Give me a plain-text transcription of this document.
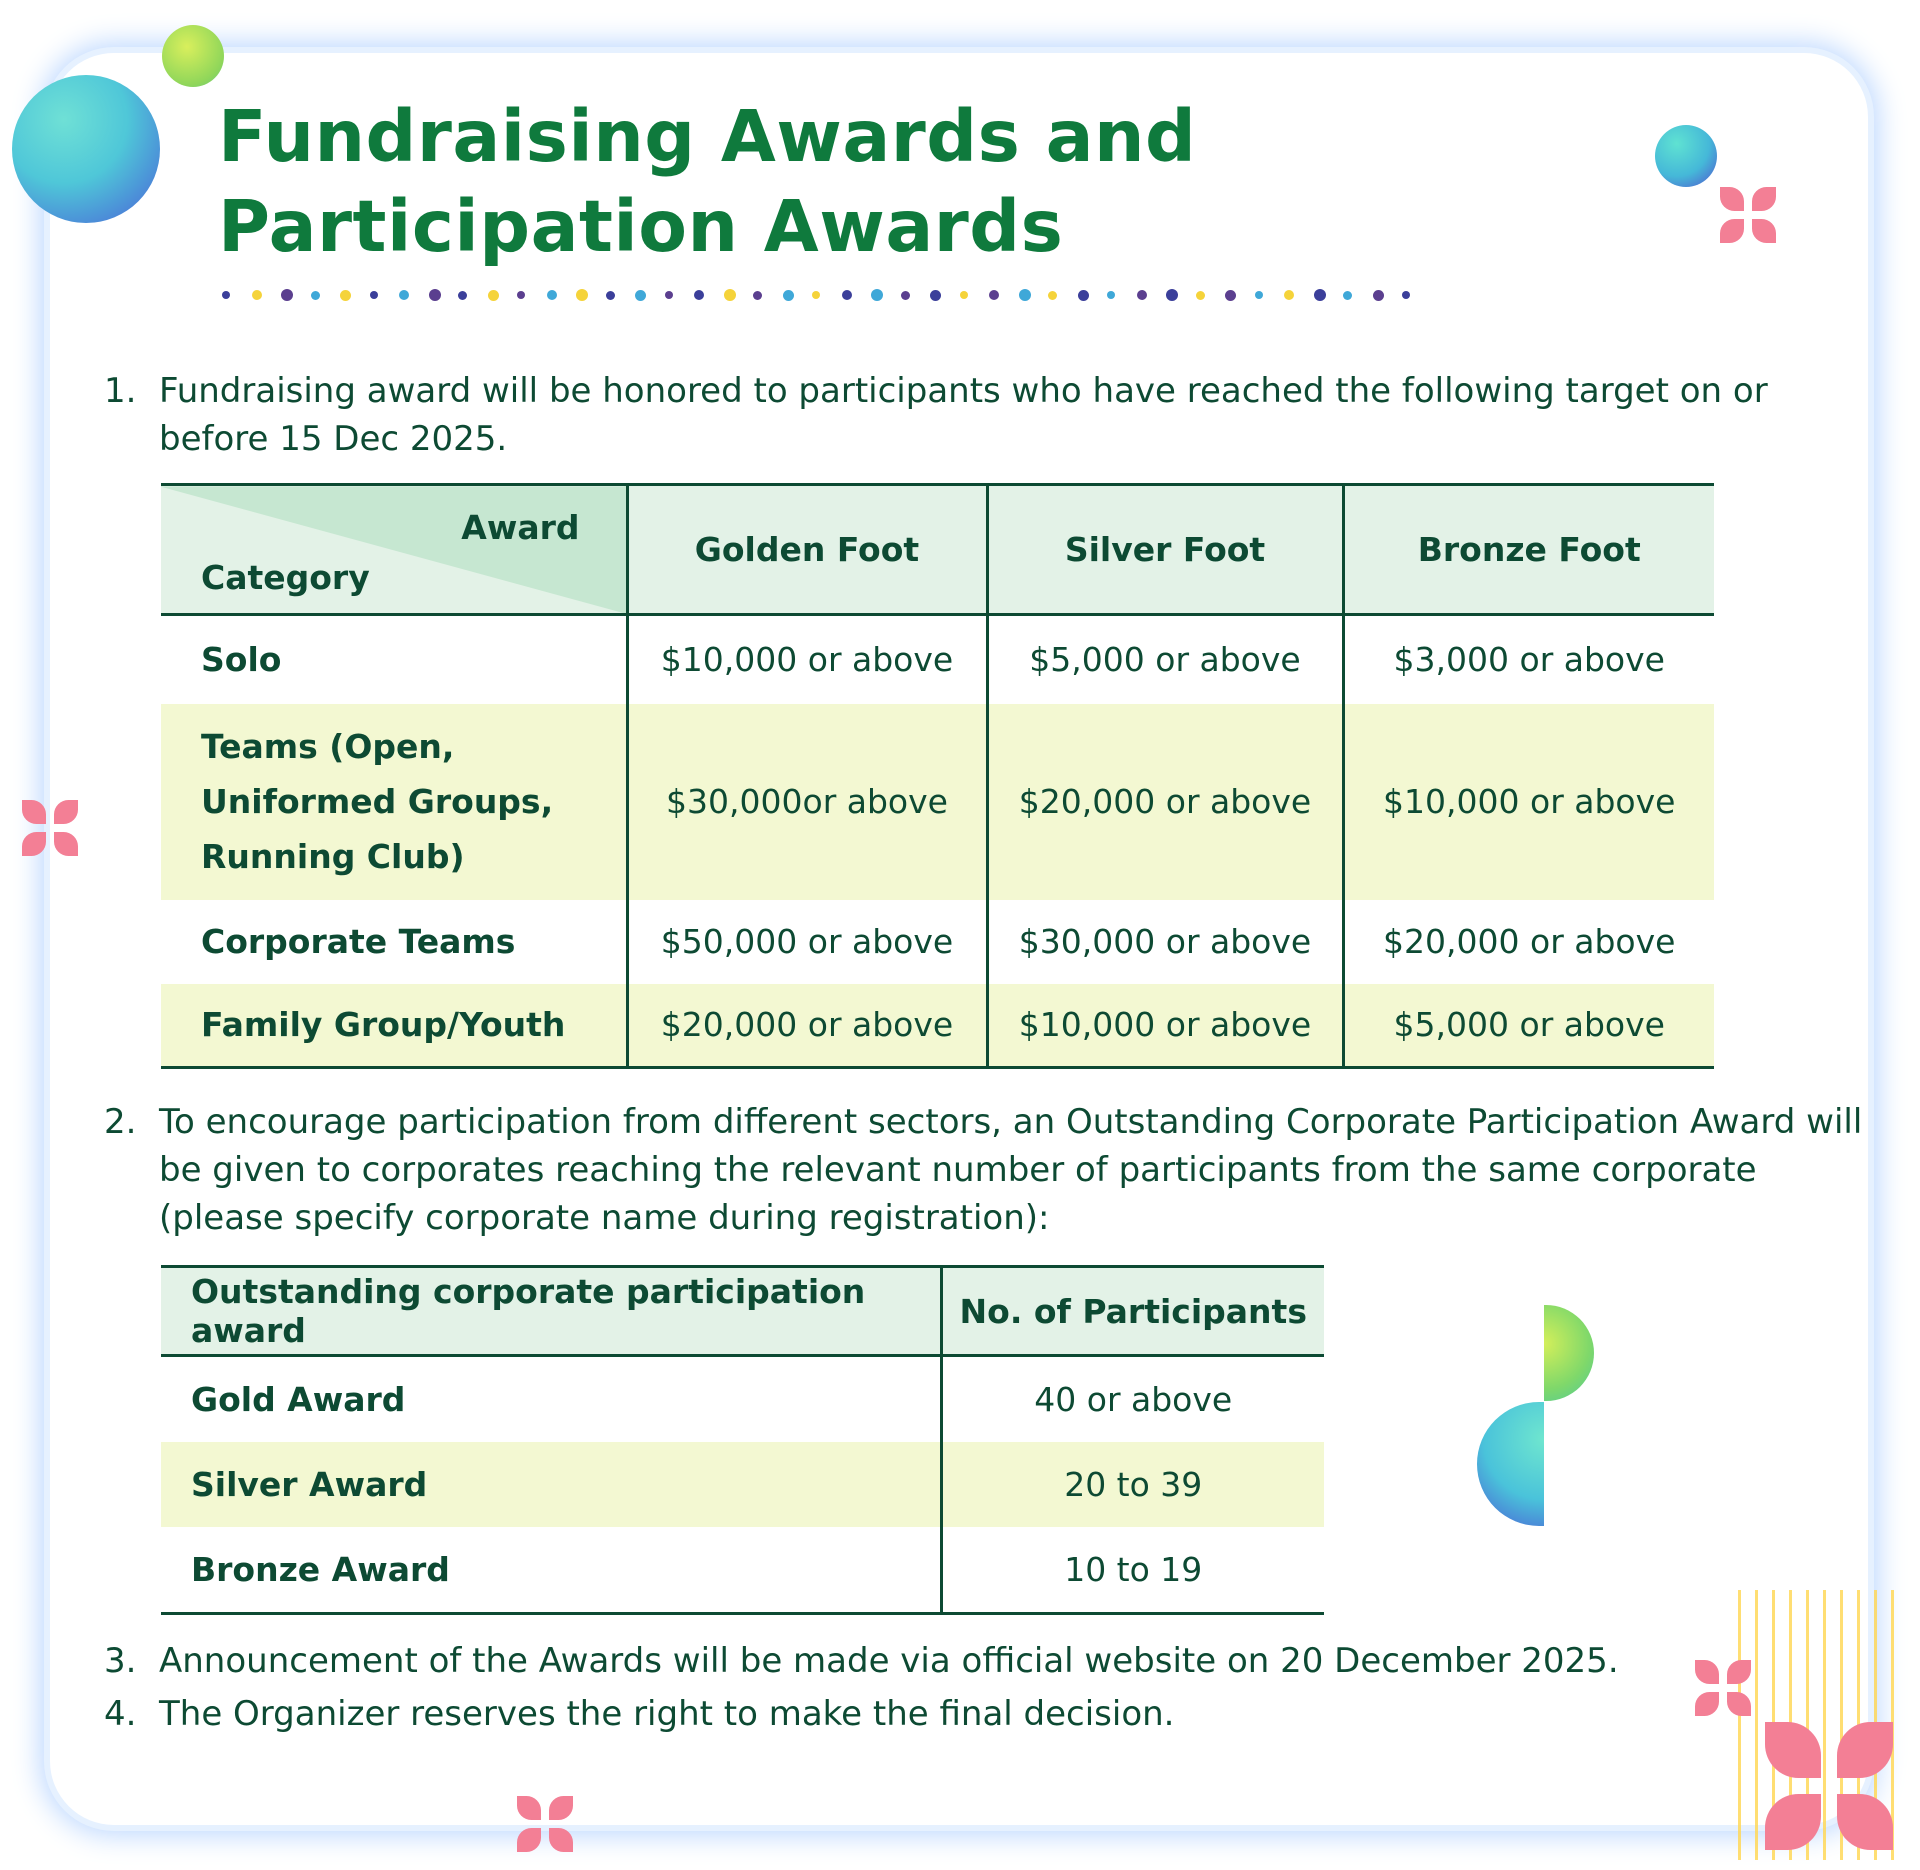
Fundraising Awards and
Participation Awards

1. Fundraising award will be honored to participants who have reached the following target on or
before 15 Dec 2025.

Award
Category	Golden Foot	Silver Foot	Bronze Foot
Solo	$10,000 or above	$5,000 or above	$3,000 or above

Teams (Open,
Uniformed Groups,
Running Club)	$30,000or above	$20,000 or above	$10,000 or above
Corporate Teams	$50,000 or above	$30,000 or above	$20,000 or above
Family Group/Youth	$20,000 or above	$10,000 or above	$5,000 or above

2. To encourage participation from different sectors, an Outstanding Corporate Participation Award will
be given to corporates reaching the relevant number of participants from the same corporate
(please specify corporate name during registration):

Outstanding corporate participation award	No. of Participants
Gold Award	40 or above
Silver Award	20 to 39
Bronze Award	10 to 19

3. Announcement of the Awards will be made via official website on 20 December 2025.

4. The Organizer reserves the right to make the final decision.
